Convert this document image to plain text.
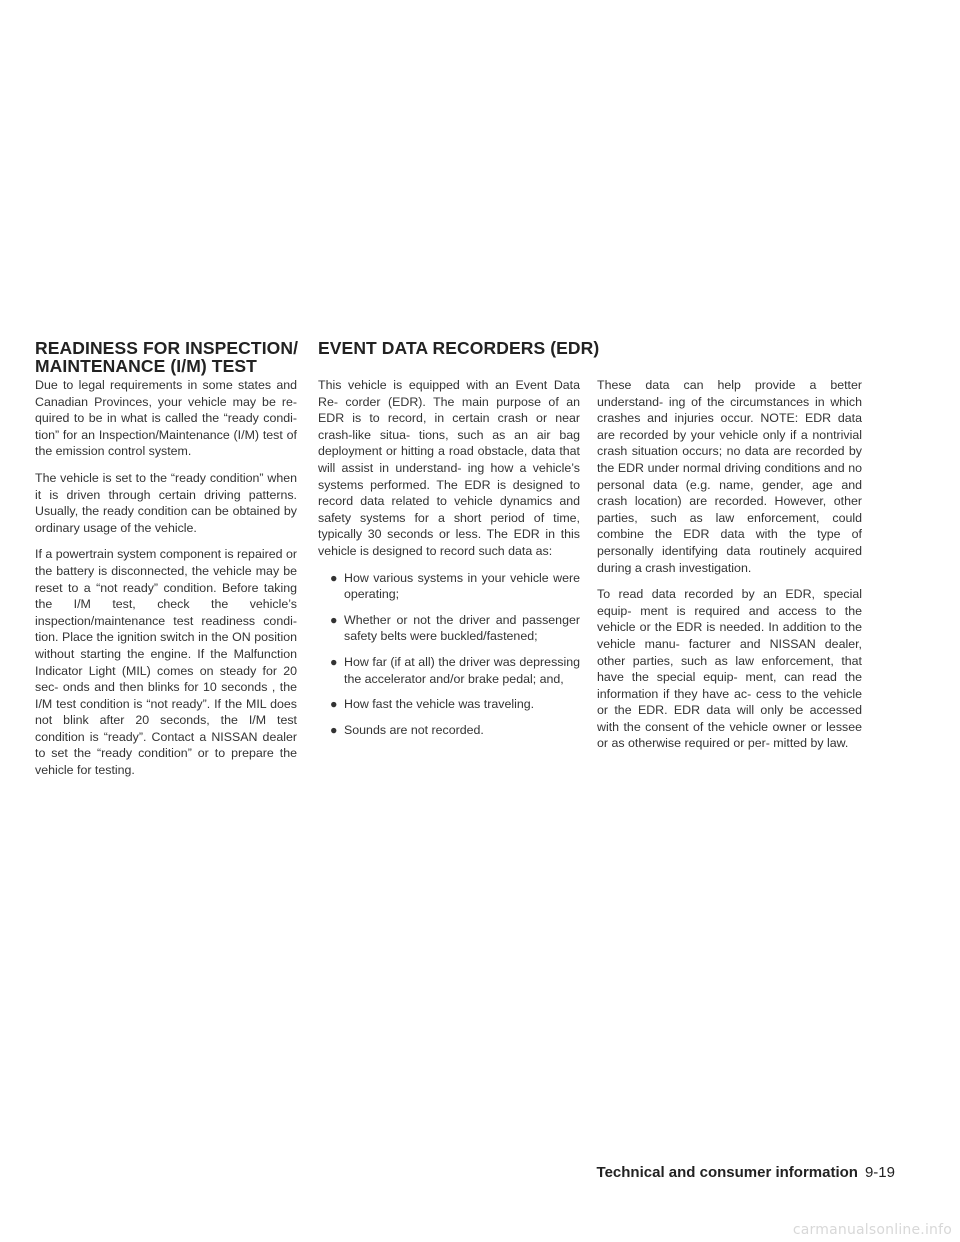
READINESS FOR INSPECTION/
MAINTENANCE (I/M) TEST
EVENT DATA RECORDERS (EDR)

Due to legal requirements in some states and Canadian Provinces, your vehicle may be re- quired to be in what is called the “ready condi- tion” for an Inspection/Maintenance (I/M) test of the emission control system.

The vehicle is set to the “ready condition” when it is driven through certain driving patterns. Usually, the ready condition can be obtained by ordinary usage of the vehicle.

If a powertrain system component is repaired or the battery is disconnected, the vehicle may be reset to a “not ready” condition. Before taking the I/M test, check the vehicle’s inspection/maintenance test readiness condi- tion. Place the ignition switch in the ON position without starting the engine. If the Malfunction Indicator Light (MIL) comes on steady for 20 sec- onds and then blinks for 10 seconds , the I/M test condition is “not ready”. If the MIL does not blink after 20 seconds, the I/M test condition is “ready”. Contact a NISSAN dealer to set the “ready condition” or to prepare the vehicle for testing.

This vehicle is equipped with an Event Data Re- corder (EDR). The main purpose of an EDR is to record, in certain crash or near crash-like situa- tions, such as an air bag deployment or hitting a road obstacle, data that will assist in understand- ing how a vehicle’s systems performed. The EDR is designed to record data related to vehicle dynamics and safety systems for a short period of time, typically 30 seconds or less. The EDR in this vehicle is designed to record such data as:

● How various systems in your vehicle were operating;
● Whether or not the driver and passenger safety belts were buckled/fastened;
● How far (if at all) the driver was depressing the accelerator and/or brake pedal; and,
● How fast the vehicle was traveling.
● Sounds are not recorded.

These data can help provide a better understand- ing of the circumstances in which crashes and injuries occur. NOTE: EDR data are recorded by your vehicle only if a nontrivial crash situation occurs; no data are recorded by the EDR under normal driving conditions and no personal data (e.g. name, gender, age and crash location) are recorded. However, other parties, such as law enforcement, could combine the EDR data with the type of personally identifying data routinely acquired during a crash investigation.

To read data recorded by an EDR, special equip- ment is required and access to the vehicle or the EDR is needed. In addition to the vehicle manu- facturer and NISSAN dealer, other parties, such as law enforcement, that have the special equip- ment, can read the information if they have ac- cess to the vehicle or the EDR. EDR data will only be accessed with the consent of the vehicle owner or lessee or as otherwise required or per- mitted by law.

Technical and consumer information 9-19
carmanualsonline.info
